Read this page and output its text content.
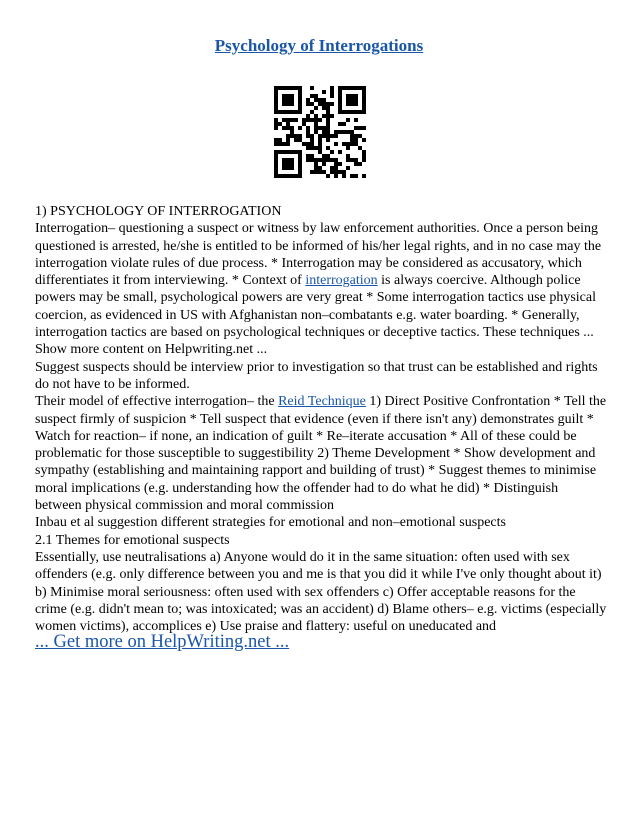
Psychology of Interrogations

1) PSYCHOLOGY OF INTERROGATION

Interrogation– questioning a suspect or witness by law enforcement authorities. Once a person being questioned is arrested, he/she is entitled to be informed of his/her legal rights, and in no case may the interrogation violate rules of due process. * Interrogation may be considered as accusatory, which differentiates it from interviewing. * Context of interrogation is always coercive. Although police powers may be small, psychological powers are very great * Some interrogation tactics use physical coercion, as evidenced in US with Afghanistan non–combatants e.g. water boarding. * Generally, interrogation tactics are based on psychological techniques or deceptive tactics. These techniques ... Show more content on Helpwriting.net ...

Suggest suspects should be interview prior to investigation so that trust can be established and rights do not have to be informed.

Their model of effective interrogation– the Reid Technique 1) Direct Positive Confrontation * Tell the suspect firmly of suspicion * Tell suspect that evidence (even if there isn't any) demonstrates guilt * Watch for reaction– if none, an indication of guilt * Re–iterate accusation * All of these could be problematic for those susceptible to suggestibility 2) Theme Development * Show development and sympathy (establishing and maintaining rapport and building of trust) * Suggest themes to minimise moral implications (e.g. understanding how the offender had to do what he did) * Distinguish between physical commission and moral commission

Inbau et al suggestion different strategies for emotional and non–emotional suspects

2.1 Themes for emotional suspects

Essentially, use neutralisations a) Anyone would do it in the same situation: often used with sex offenders (e.g. only difference between you and me is that you did it while I've only thought about it) b) Minimise moral seriousness: often used with sex offenders c) Offer acceptable reasons for the crime (e.g. didn't mean to; was intoxicated; was an accident) d) Blame others– e.g. victims (especially women victims), accomplices e) Use praise and flattery: useful on uneducated and

... Get more on HelpWriting.net ...
